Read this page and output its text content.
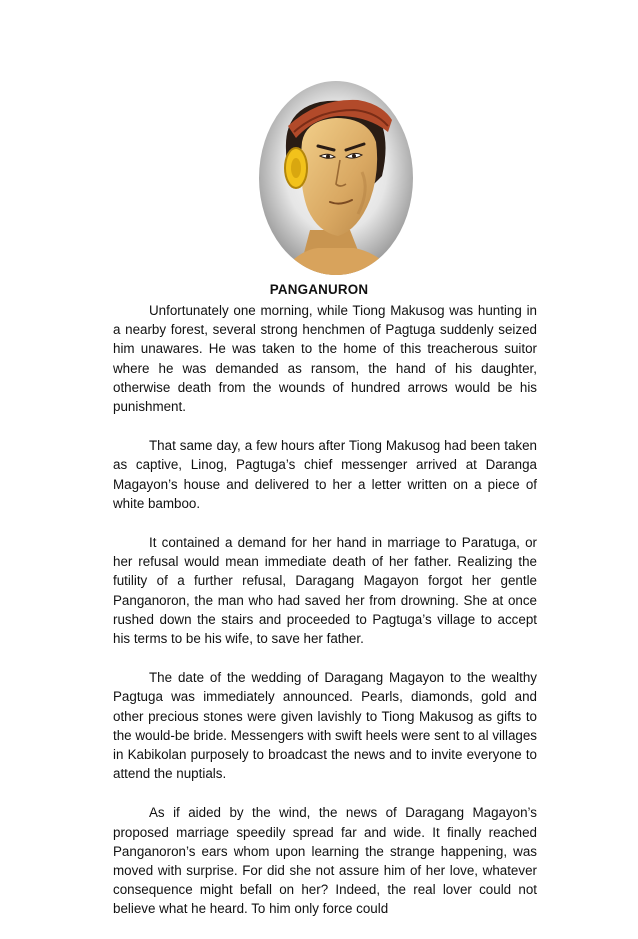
PANGANURON

Unfortunately one morning, while Tiong Makusog was hunting in a nearby forest, several strong henchmen of Pagtuga suddenly seized him unawares. He was taken to the home of this treacherous suitor where he was demanded as ransom, the hand of his daughter, otherwise death from the wounds of hundred arrows would be his punishment.

That same day, a few hours after Tiong Makusog had been taken as captive, Linog, Pagtuga’s chief messenger arrived at Daranga Magayon’s house and delivered to her a letter written on a piece of white bamboo.

It contained a demand for her hand in marriage to Paratuga, or her refusal would mean immediate death of her father. Realizing the futility of a further refusal, Daragang Magayon forgot her gentle Panganoron, the man who had saved her from drowning. She at once rushed down the stairs and proceeded to Pagtuga’s village to accept his terms to be his wife, to save her father.

The date of the wedding of Daragang Magayon to the wealthy Pagtuga was immediately announced. Pearls, diamonds, gold and other precious stones were given lavishly to Tiong Makusog as gifts to the would-be bride. Messengers with swift heels were sent to al villages in Kabikolan purposely to broadcast the news and to invite everyone to attend the nuptials.

As if aided by the wind, the news of Daragang Magayon’s proposed marriage speedily spread far and wide. It finally reached Panganoron’s ears whom upon learning the strange happening, was moved with surprise. For did she not assure him of her love, whatever consequence might befall on her? Indeed, the real lover could not believe what he heard. To him only force could
